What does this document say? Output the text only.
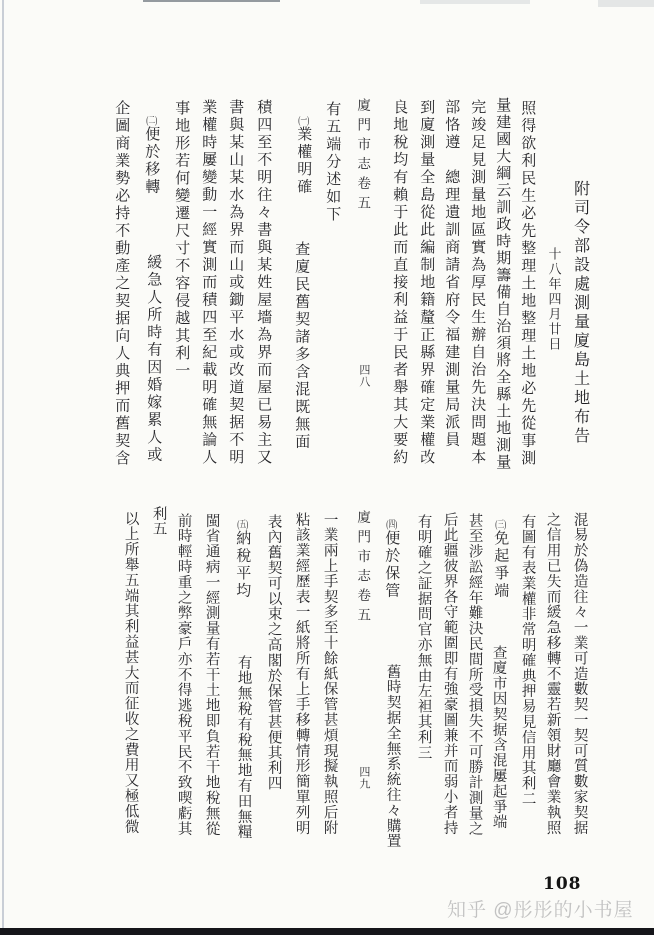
附司令部設處測量廈島土地布告
十八年四月廿日
照得欲利民生必先整理土地整理土地必先從事測
量建國大綱云訓政時期籌備自治須將全縣土地測量
完竣足見測量地區實為厚民生辦自治先決問題本
部恪遵　總理遺訓商請省府令福建測量局派員
到廈測量全島從此編制地籍釐正縣界確定業權改
良地稅均有賴于此而直接利益于民者舉其大要約
廈門市志卷五
四八
有五端分述如下
(一)業權明確
查廈民舊契諸多含混既無面
積四至不明往々書與某姓屋墻為界而屋已易主又
書與某山某水為界而山或鋤平水或改道契据不明
業權時屢變動一經實測而積四至紀載明確無論人
事地形若何變遷尺寸不容侵越其利一
(二)便於移轉
緩急人所時有因婚嫁累人或
企圖商業勢必持不動產之契据向人典押而舊契含
混易於偽造往々一業可造數契一契可質數家契据
之信用已失而緩急移轉不靈若新領財廳會業執照
有圖有表業權非常明確典押易見信用其利二
(三)免起爭端
查廈市因契据含混屢起爭端
甚至涉訟經年難決民間所受損失不可勝計測量之
后此疆彼界各守範圍即有強豪圖兼并而弱小者持
有明確之証据問官亦無由左袒其利三
(四)便於保管
舊時契据全無系統往々購置
廈門市志卷五
四九
一業兩上手契多至十餘紙保管甚煩現擬執照后附
粘該業經歷表一紙將所有上手移轉情形簡單列明
表內舊契可以束之高閣於保管甚便其利四
(五)納稅平均
有地無稅有稅無地有田無糧
閩省通病一經測量有若干土地即負若干地稅無從
前時輕時重之弊豪戶亦不得逃稅平民不致喫虧其
利五
以上所舉五端其利益甚大而征收之費用又極低微
108
知乎 @彤彤的小书屋
